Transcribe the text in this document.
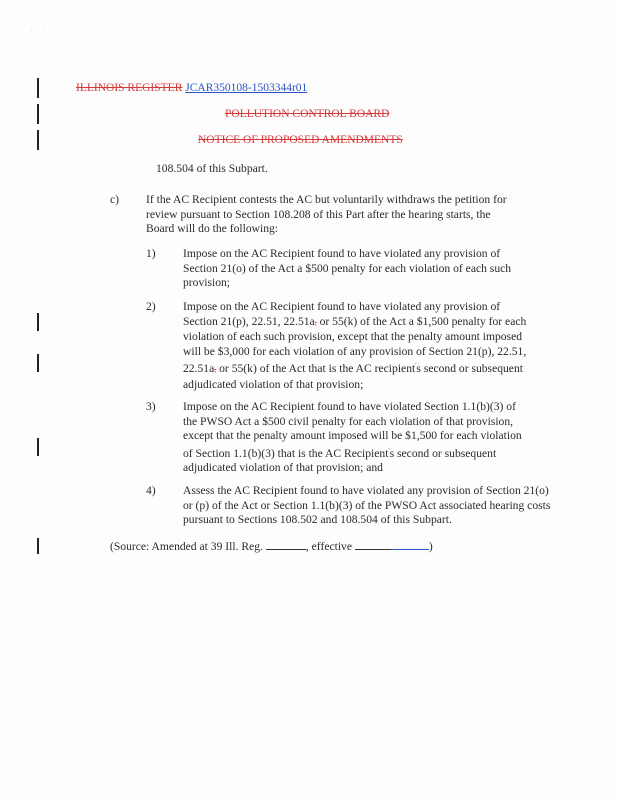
·  ·  ·
ILLINOIS REGISTER JCAR350108-1503344r01
POLLUTION CONTROL BOARD
NOTICE OF PROPOSED AMENDMENTS
108.504 of this Subpart.
c) If the AC Recipient contests the AC but voluntarily withdraws the petition for review pursuant to Section 108.208 of this Part after the hearing starts, the Board will do the following:
1) Impose on the AC Recipient found to have violated any provision of Section 21(o) of the Act a $500 penalty for each violation of each such provision;
2) Impose on the AC Recipient found to have violated any provision of
Section 21(p), 22.51, 22.51a, or 55(k) of the Act a $1,500 penalty for each
violation of each such provision, except that the penalty amount imposed
will be $3,000 for each violation of any provision of Section 21(p), 22.51,
22.51a, or 55(k) of the Act that is the AC recipient's second or subsequent
adjudicated violation of that provision;
3) Impose on the AC Recipient found to have violated Section 1.1(b)(3) of
the PWSO Act a $500 civil penalty for each violation of that provision,
except that the penalty amount imposed will be $1,500 for each violation
of Section 1.1(b)(3) that is the AC Recipient's second or subsequent
adjudicated violation of that provision; and
4) Assess the AC Recipient found to have violated any provision of Section 21(o) or (p) of the Act or Section 1.1(b)(3) of the PWSO Act associated hearing costs pursuant to Sections 108.502 and 108.504 of this Subpart.
(Source: Amended at 39 Ill. Reg.	, effective	)
